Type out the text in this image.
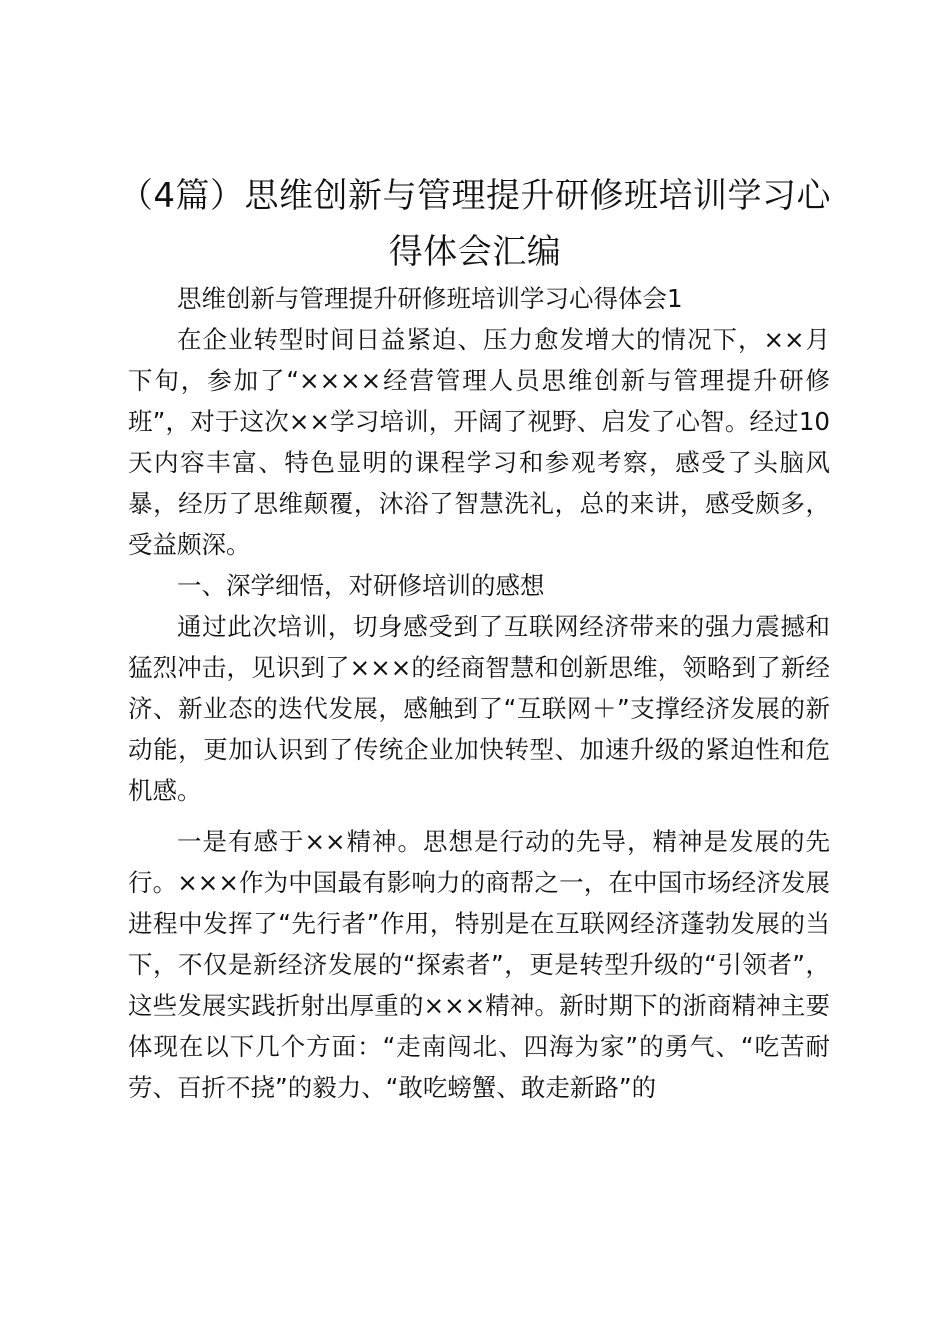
（4篇）思维创新与管理提升研修班培训学习心得体会汇编

思维创新与管理提升研修班培训学习心得体会1

在企业转型时间日益紧迫、压力愈发增大的情况下，××月下旬，参加了“××××经营管理人员思维创新与管理提升研修班”，对于这次××学习培训，开阔了视野、启发了心智。经过10天内容丰富、特色显明的课程学习和参观考察，感受了头脑风暴，经历了思维颠覆，沐浴了智慧洗礼，总的来讲，感受颇多，受益颇深。

一、深学细悟，对研修培训的感想

通过此次培训，切身感受到了互联网经济带来的强力震撼和猛烈冲击，见识到了×××的经商智慧和创新思维，领略到了新经济、新业态的迭代发展，感触到了“互联网＋”支撑经济发展的新动能，更加认识到了传统企业加快转型、加速升级的紧迫性和危机感。

一是有感于××精神。思想是行动的先导，精神是发展的先行。×××作为中国最有影响力的商帮之一，在中国市场经济发展进程中发挥了“先行者”作用，特别是在互联网经济蓬勃发展的当下，不仅是新经济发展的“探索者”，更是转型升级的“引领者”，这些发展实践折射出厚重的×××精神。新时期下的浙商精神主要体现在以下几个方面：“走南闯北、四海为家”的勇气、“吃苦耐劳、百折不挠”的毅力、“敢吃螃蟹、敢走新路”的
